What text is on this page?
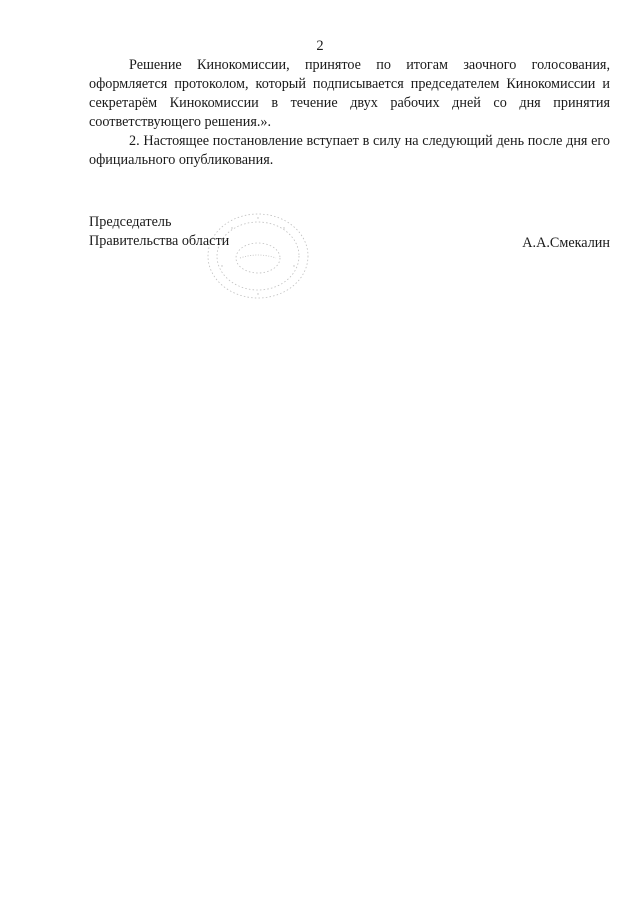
2

Решение Кинокомиссии, принятое по итогам заочного голосования, оформляется протоколом, который подписывается председателем Кинокомиссии и секретарём Кинокомиссии в течение двух рабочих дней со дня принятия соответствующего решения.».

2. Настоящее постановление вступает в силу на следующий день после дня его официального опубликования.

Председатель
Правительства области	А.А.Смекалин
